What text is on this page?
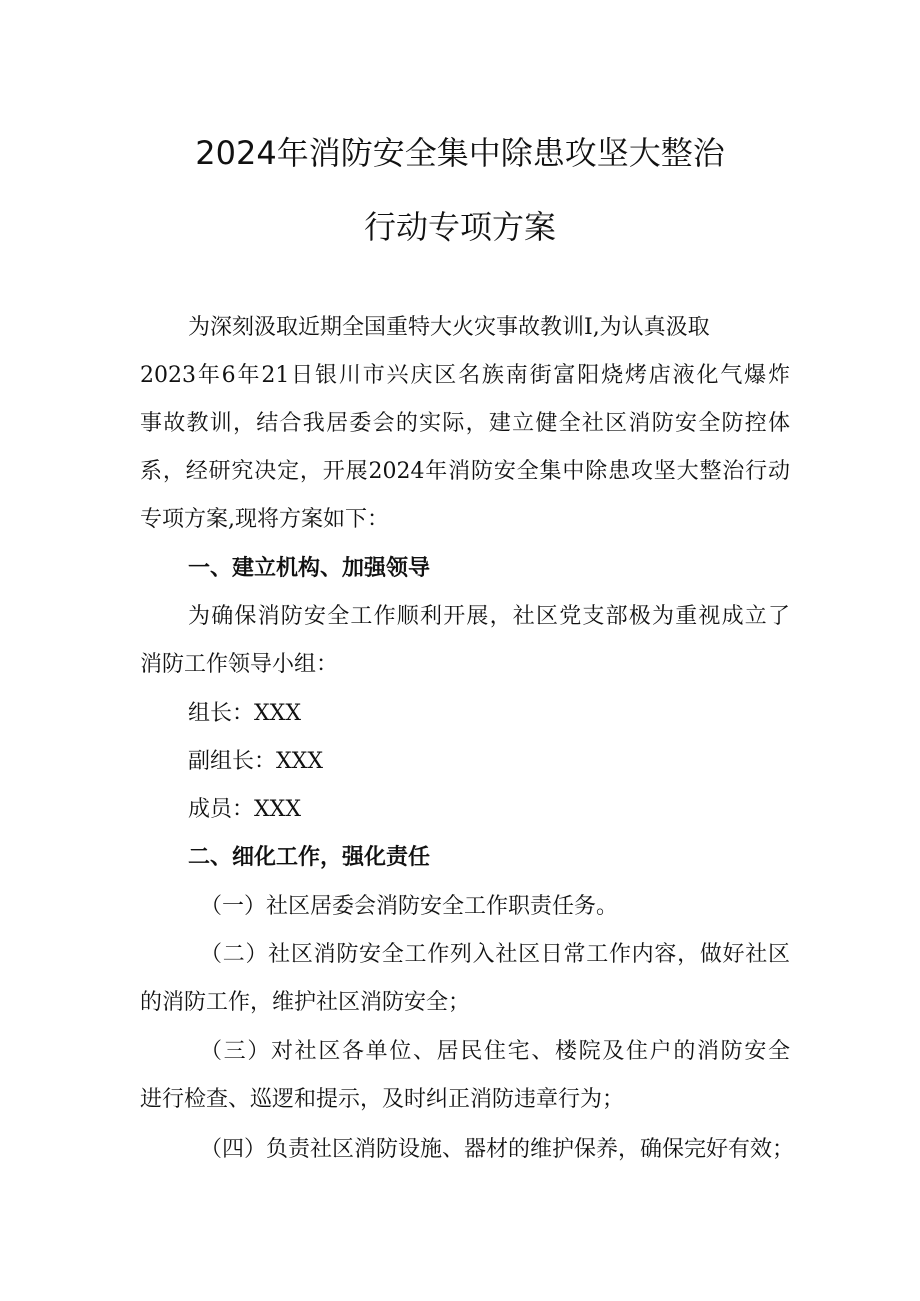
2024年消防安全集中除患攻坚大整治
行动专项方案
为深刻汲取近期全国重特大火灾事故教训I,为认真汲取
2023年6年21日银川市兴庆区名族南街富阳烧烤店液化气爆炸
事故教训，结合我居委会的实际，建立健全社区消防安全防控体
系，经研究决定，开展2024年消防安全集中除患攻坚大整治行动
专项方案,现将方案如下：
一、建立机构、加强领导
为确保消防安全工作顺利开展，社区党支部极为重视成立了
消防工作领导小组：
组长：XXX
副组长：XXX
成员：XXX
二、细化工作，强化责任
（一）社区居委会消防安全工作职责任务。
（二）社区消防安全工作列入社区日常工作内容，做好社区
的消防工作，维护社区消防安全；
（三）对社区各单位、居民住宅、楼院及住户的消防安全
进行检查、巡逻和提示，及时纠正消防违章行为；
（四）负责社区消防设施、器材的维护保养，确保完好有效；
